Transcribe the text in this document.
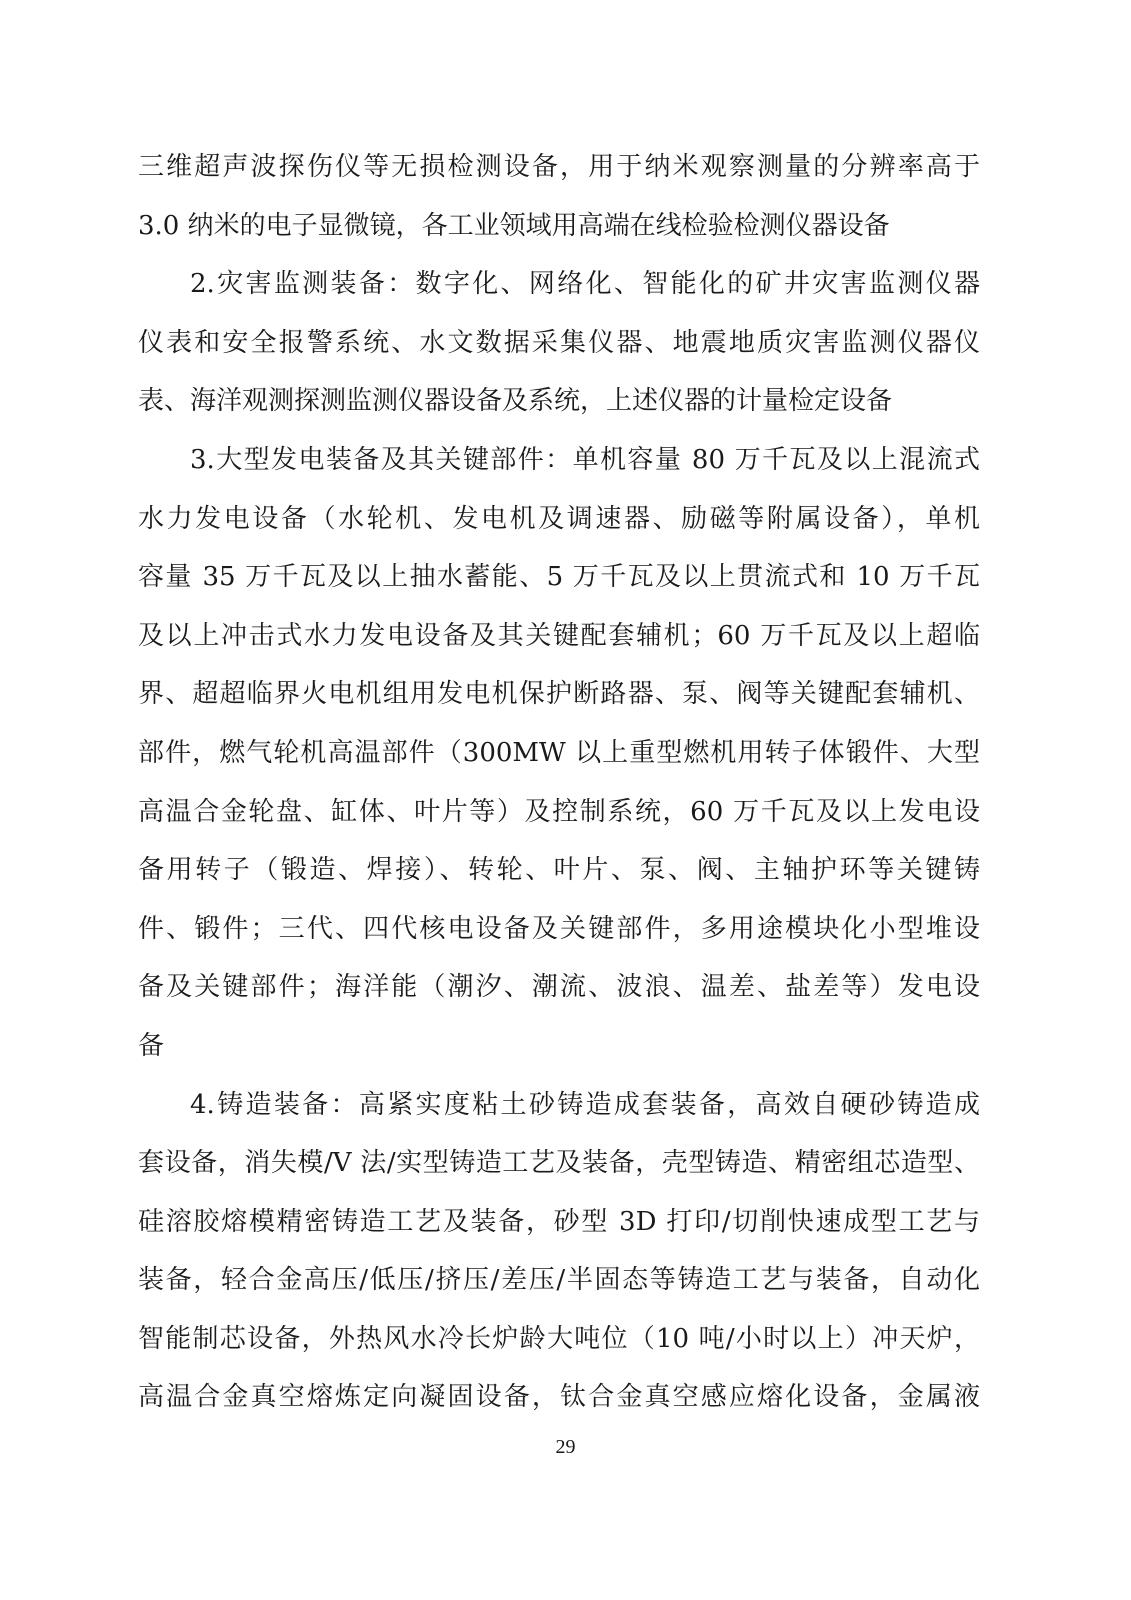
三维超声波探伤仪等无损检测设备，用于纳米观察测量的分辨率高于
3.0 纳米的电子显微镜，各工业领域用高端在线检验检测仪器设备
2.灾害监测装备：数字化、网络化、智能化的矿井灾害监测仪器
仪表和安全报警系统、水文数据采集仪器、地震地质灾害监测仪器仪
表、海洋观测探测监测仪器设备及系统，上述仪器的计量检定设备
3.大型发电装备及其关键部件：单机容量 80 万千瓦及以上混流式
水力发电设备（水轮机、发电机及调速器、励磁等附属设备），单机
容量 35 万千瓦及以上抽水蓄能、5 万千瓦及以上贯流式和 10 万千瓦
及以上冲击式水力发电设备及其关键配套辅机；60 万千瓦及以上超临
界、超超临界火电机组用发电机保护断路器、泵、阀等关键配套辅机、
部件，燃气轮机高温部件（300MW 以上重型燃机用转子体锻件、大型
高温合金轮盘、缸体、叶片等）及控制系统，60 万千瓦及以上发电设
备用转子（锻造、焊接）、转轮、叶片、泵、阀、主轴护环等关键铸
件、锻件；三代、四代核电设备及关键部件，多用途模块化小型堆设
备及关键部件；海洋能（潮汐、潮流、波浪、温差、盐差等）发电设
备
4.铸造装备：高紧实度粘土砂铸造成套装备，高效自硬砂铸造成
套设备，消失模/V 法/实型铸造工艺及装备，壳型铸造、精密组芯造型、
硅溶胶熔模精密铸造工艺及装备，砂型 3D 打印/切削快速成型工艺与
装备，轻合金高压/低压/挤压/差压/半固态等铸造工艺与装备，自动化
智能制芯设备，外热风水冷长炉龄大吨位（10 吨/小时以上）冲天炉，
高温合金真空熔炼定向凝固设备，钛合金真空感应熔化设备，金属液
29
